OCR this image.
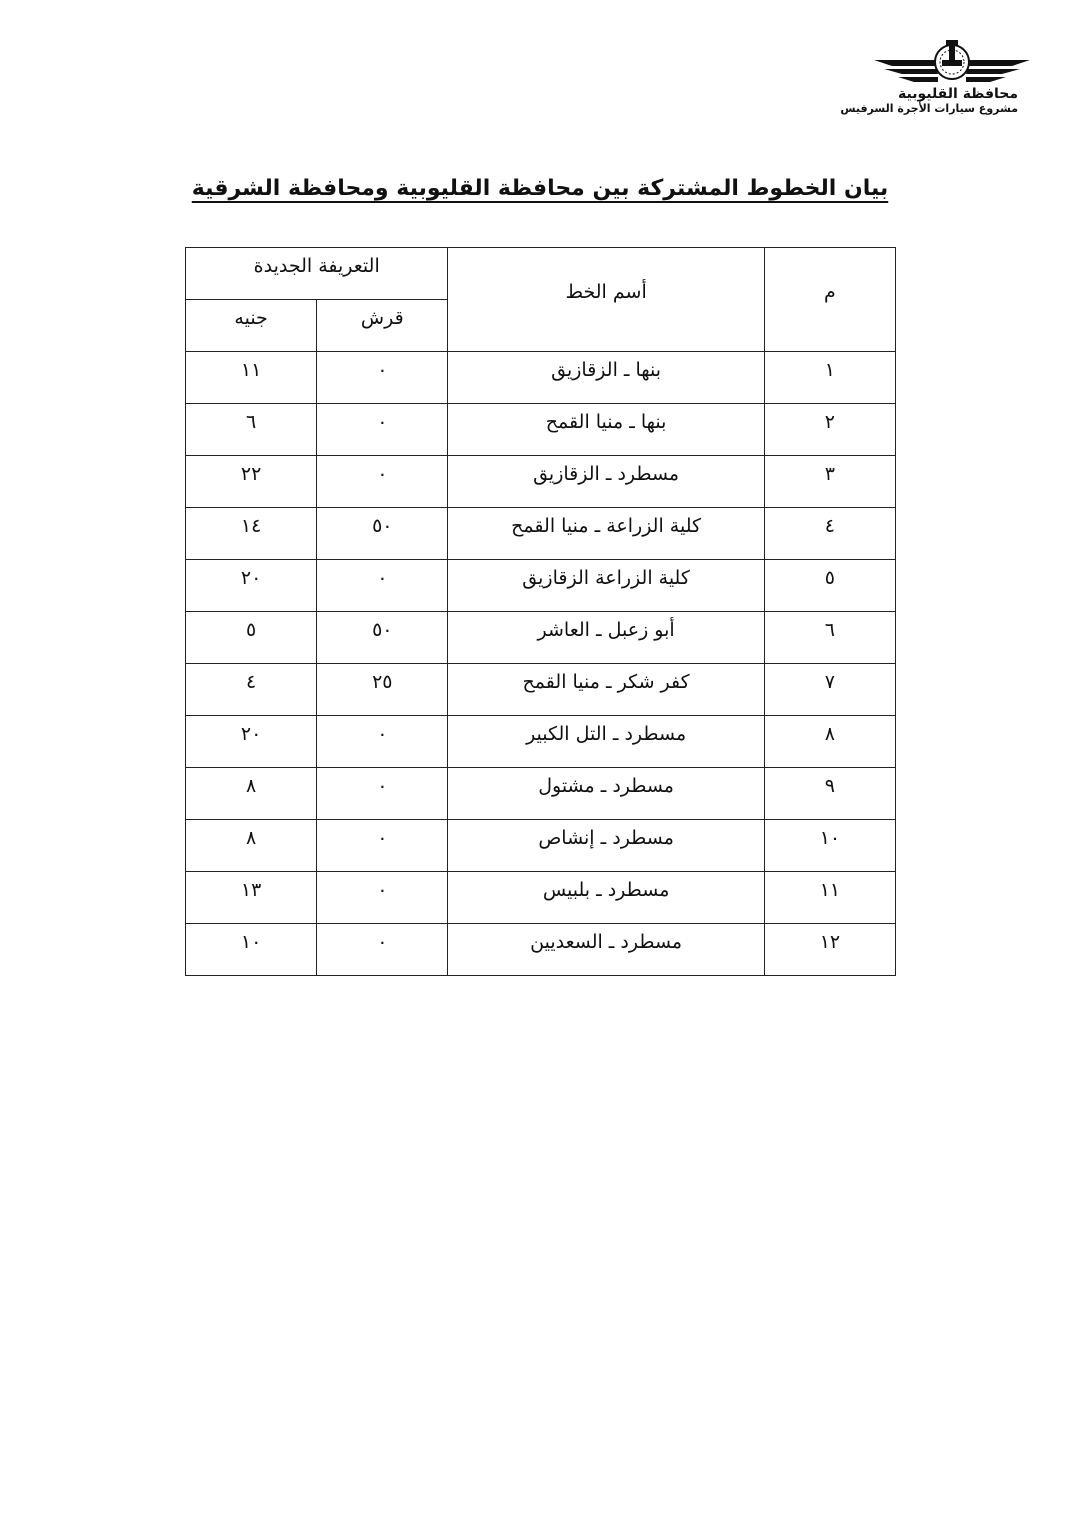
محافظة القليوبية
مشروع سيارات الأجرة السرفيس
بيان الخطوط المشتركة بين محافظة القليوبية ومحافظة الشرقية
م	أسم الخط	التعريفة الجديدة	
		قرش	جنيه
١	بنها ـ الزقازيق	٠	١١
٢	بنها ـ منيا القمح	٠	٦
٣	مسطرد ـ الزقازيق	٠	٢٢
٤	كلية الزراعة ـ منيا القمح	٥٠	١٤
٥	كلية الزراعة الزقازيق	٠	٢٠
٦	أبو زعبل ـ العاشر	٥٠	٥
٧	كفر شكر ـ منيا القمح	٢٥	٤
٨	مسطرد ـ التل الكبير	٠	٢٠
٩	مسطرد ـ مشتول	٠	٨
١٠	مسطرد ـ إنشاص	٠	٨
١١	مسطرد ـ بلبيس	٠	١٣
١٢	مسطرد ـ السعديين	٠	١٠
